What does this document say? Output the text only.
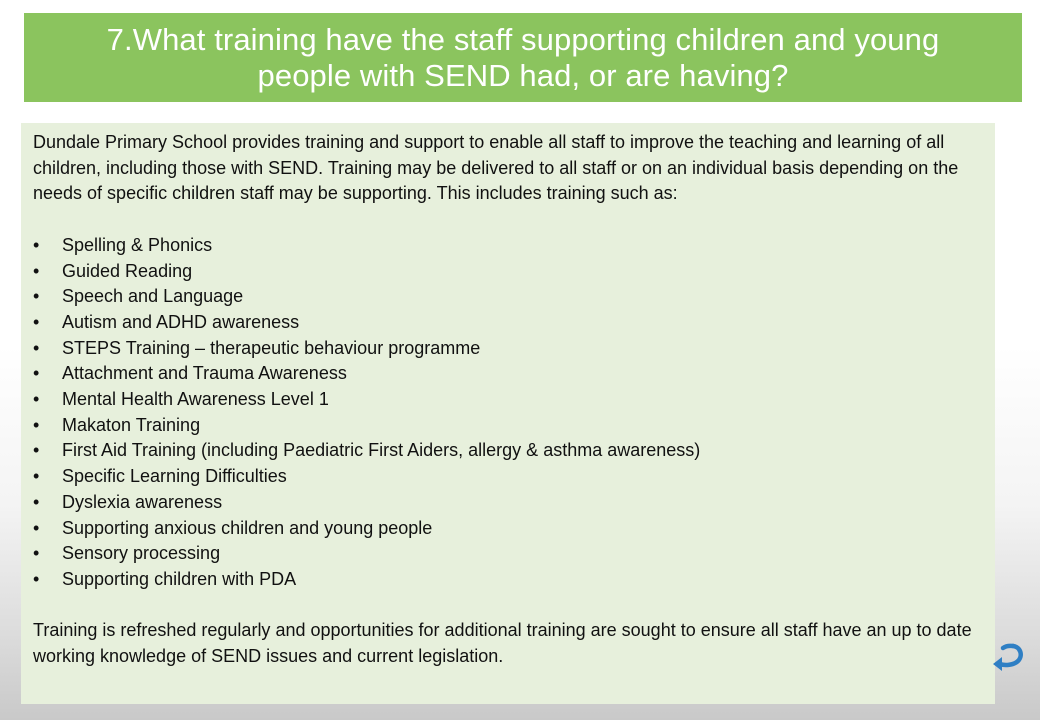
7.What training have the staff supporting children and young people with SEND had, or are having?

Dundale Primary School provides training and support to enable all staff to improve the teaching and learning of all children, including those with SEND. Training may be delivered to all staff or on an individual basis depending on the needs of specific children staff may be supporting. This includes training such as:

•	Spelling & Phonics
•	Guided Reading
•	Speech and Language
•	Autism and ADHD awareness
•	STEPS Training – therapeutic behaviour programme
•	Attachment and Trauma Awareness
•	Mental Health Awareness Level 1
•	Makaton Training
•	First Aid Training (including Paediatric First Aiders, allergy & asthma awareness)
•	Specific Learning Difficulties
•	Dyslexia awareness
•	Supporting anxious children and young people
•	Sensory processing
•	Supporting children with PDA

Training is refreshed regularly and opportunities for additional training are sought to ensure all staff have an up to date working knowledge of SEND issues and current legislation.
